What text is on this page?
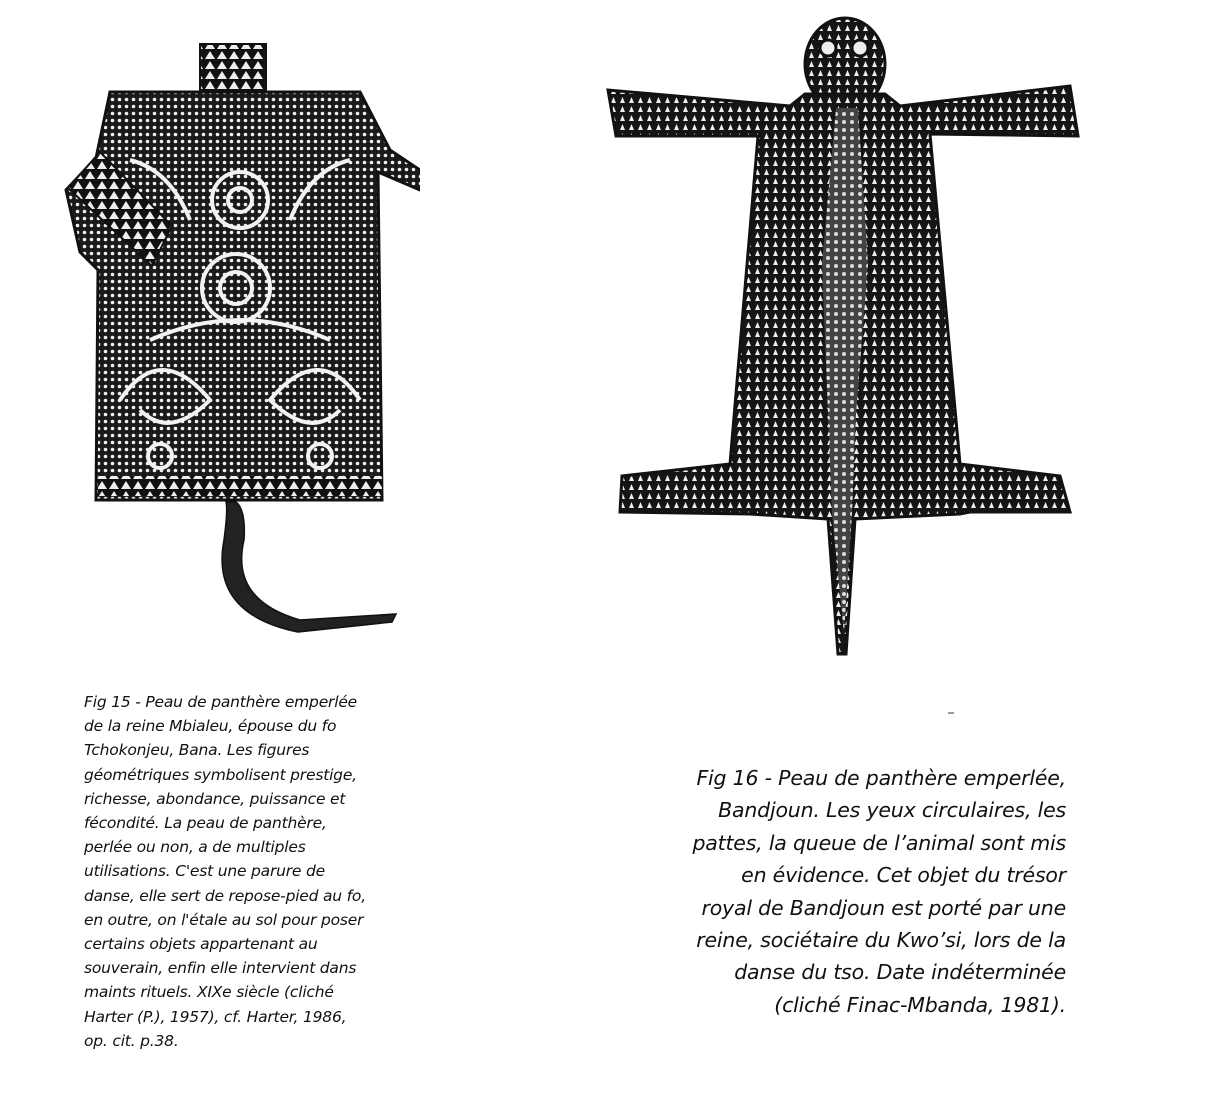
Fig 15 - Peau de panthère emperlée
de la reine Mbialeu, épouse du fo
Tchokonjeu, Bana. Les figures
géométriques symbolisent prestige,
richesse, abondance, puissance et
fécondité. La peau de panthère,
perlée ou non, a de multiples
utilisations. C'est une parure de
danse, elle sert de repose-pied au fo,
en outre, on l'étale au sol pour poser
certains objets appartenant au
souverain, enfin elle intervient dans
maints rituels. XIXe siècle (cliché
Harter (P.), 1957), cf. Harter, 1986,
op. cit. p.38.

Fig 16 - Peau de panthère emperlée,
Bandjoun. Les yeux circulaires, les
pattes, la queue de l’animal sont mis
en évidence. Cet objet du trésor
royal de Bandjoun est porté par une
reine, sociétaire du Kwo’si, lors de la
danse du tso. Date indéterminée
(cliché Finac-Mbanda, 1981).
